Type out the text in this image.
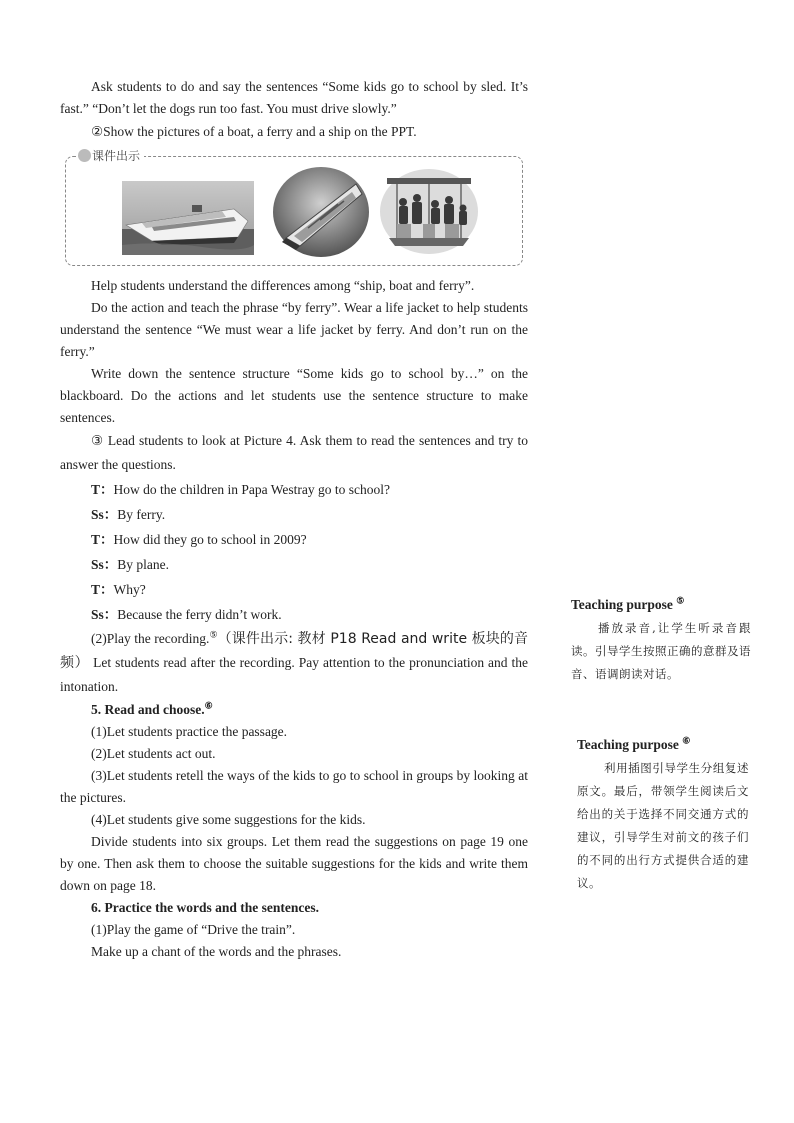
Ask students to do and say the sentences “Some kids go to school by sled. It’s fast.” “Don’t let the dogs run too fast. You must drive slowly.”

②Show the pictures of a boat, a ferry and a ship on the PPT.

课件出示

Help students understand the differences among “ship, boat and ferry”.

Do the action and teach the phrase “by ferry”. Wear a life jacket to help students understand the sentence “We must wear a life jacket by ferry. And don’t run on the ferry.”

Write down the sentence structure “Some kids go to school by…” on the blackboard. Do the actions and let students use the sentence structure to make sentences.

③ Lead students to look at Picture 4. Ask them to read the sentences and try to answer the questions.

T：How do the children in Papa Westray go to school?

Ss：By ferry.

T：How did they go to school in 2009?

Ss：By plane.

T：Why?

Ss：Because the ferry didn’t work.

(2)Play the recording.⑤（课件出示: 教材 P18 Read and write 板块的音频） Let students read after the recording. Pay attention to the pronunciation and the intonation.

5. Read and choose.⑥

(1)Let students practice the passage.

(2)Let students act out.

(3)Let students retell the ways of the kids to go to school in groups by looking at the pictures.

(4)Let students give some suggestions for the kids.

Divide students into six groups. Let them read the suggestions on page 19 one by one. Then ask them to choose the suitable suggestions for the kids and write them down on page 18.

6. Practice the words and the sentences.

(1)Play the game of “Drive the train”.

Make up a chant of the words and the phrases.

Teaching purpose ⑤

播放录音,让学生听录音跟读。引导学生按照正确的意群及语音、语调朗读对话。

Teaching purpose ⑥

利用插图引导学生分组复述原文。最后，带领学生阅读后文给出的关于选择不同交通方式的建议，引导学生对前文的孩子们的不同的出行方式提供合适的建议。
